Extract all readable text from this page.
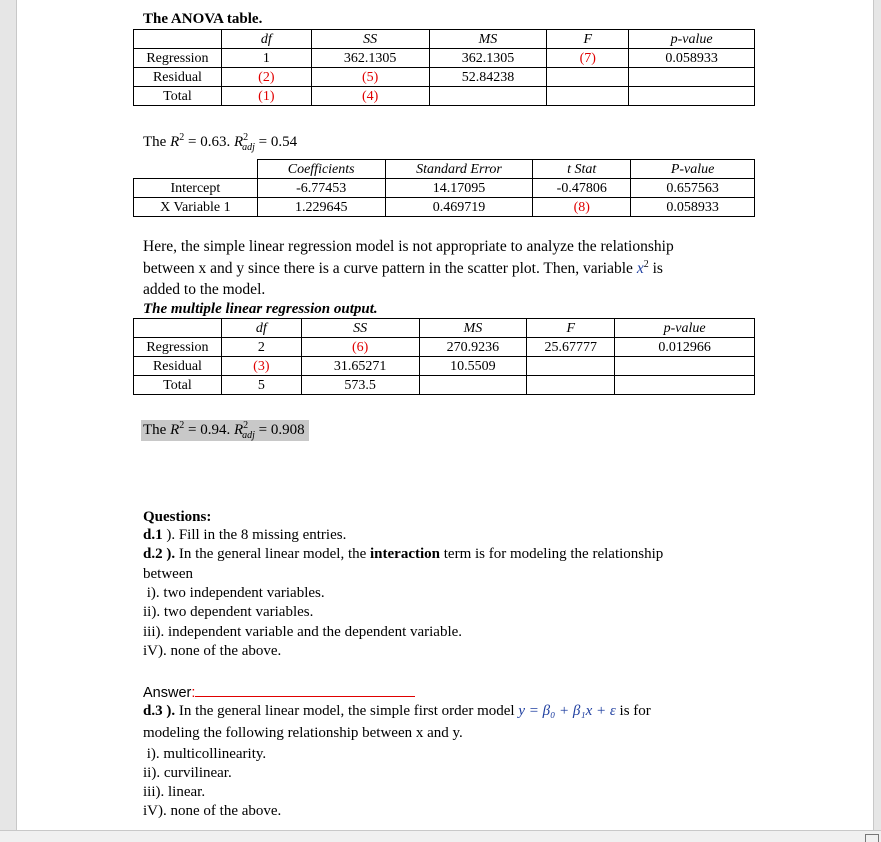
The ANOVA table.
	df	SS	MS	F	p-value
Regression	1	362.1305	362.1305	(7)	0.058933
Residual	(2)	(5)	52.84238		
Total	(1)	(4)			
The $R^2 = 0.63$. $R^2_{adj} = 0.54$
	Coefficients	Standard Error	t Stat	P-value
Intercept	-6.77453	14.17095	-0.47806	0.657563
X Variable 1	1.229645	0.469719	(8)	0.058933
Here, the simple linear regression model is not appropriate to analyze the relationship
between x and y since there is a curve pattern in the scatter plot. Then, variable $x^2$ is
added to the model.
The multiple linear regression output.
	df	SS	MS	F	p-value
Regression	2	(6)	270.9236	25.67777	0.012966
Residual	(3)	31.65271	10.5509		
Total	5	573.5			
The $R^2 = 0.94$. $R^2_{adj} = 0.908$
Questions:
d.1 ). Fill in the 8 missing entries.
d.2 ). In the general linear model, the interaction term is for modeling the relationship
between
i). two independent variables.
ii). two dependent variables.
iii). independent variable and the dependent variable.
iV). none of the above.
Answer:
d.3 ). In the general linear model, the simple first order model y = β₀ + β₁x + ε is for
modeling the following relationship between x and y.
i). multicollinearity.
ii). curvilinear.
iii). linear.
iV). none of the above.
